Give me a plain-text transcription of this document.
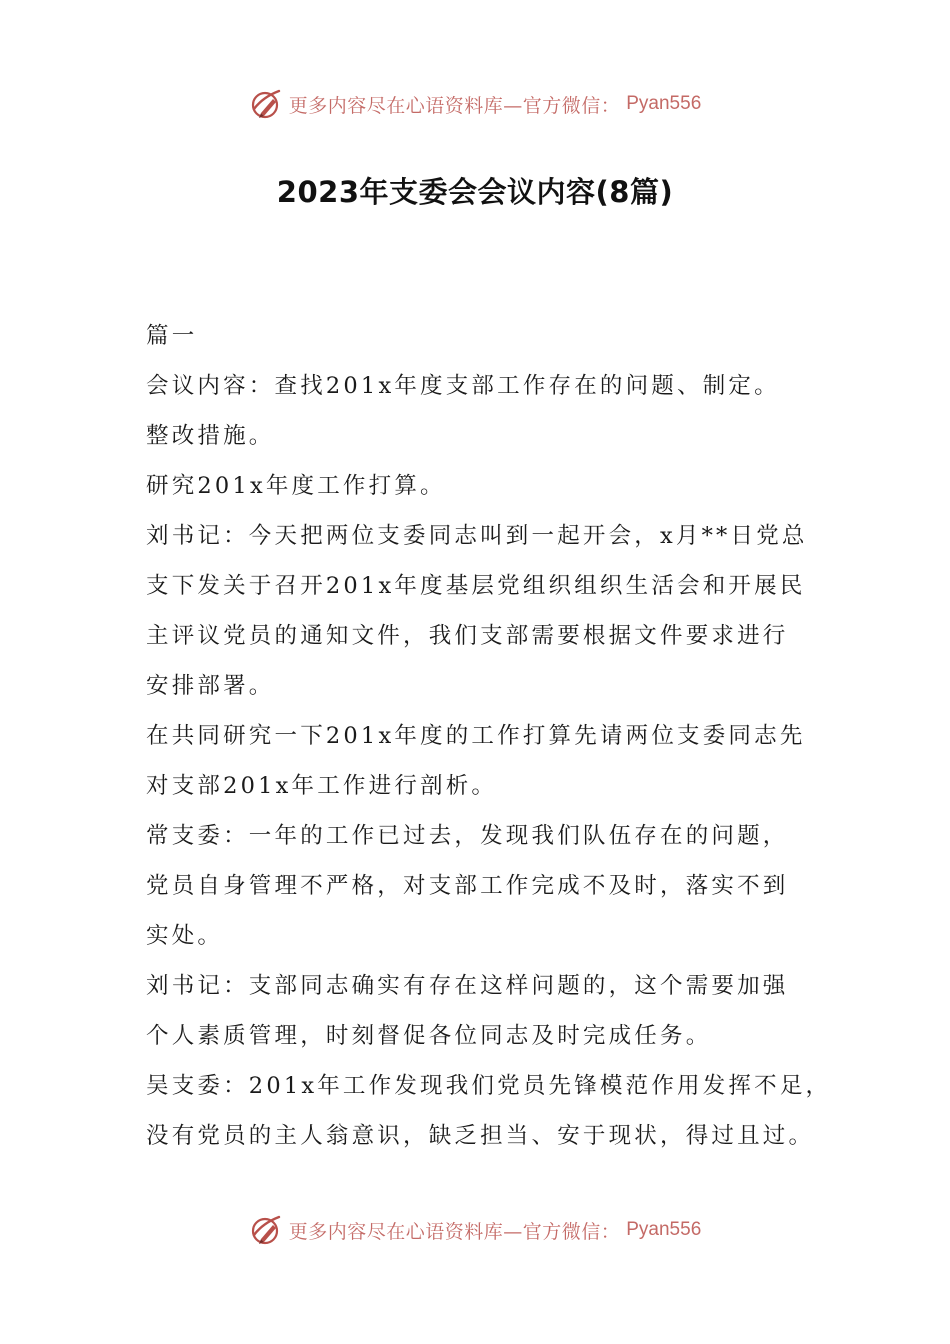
更多内容尽在心语资料库—官方微信： Pyan556
2023年支委会会议内容(8篇)
篇一
会议内容：查找201x年度支部工作存在的问题、制定。
整改措施。
研究201x年度工作打算。
刘书记：今天把两位支委同志叫到一起开会，x月**日党总
支下发关于召开201x年度基层党组织组织生活会和开展民
主评议党员的通知文件，我们支部需要根据文件要求进行
安排部署。
在共同研究一下201x年度的工作打算先请两位支委同志先
对支部201x年工作进行剖析。
常支委：一年的工作已过去，发现我们队伍存在的问题，
党员自身管理不严格，对支部工作完成不及时，落实不到
实处。
刘书记：支部同志确实有存在这样问题的，这个需要加强
个人素质管理，时刻督促各位同志及时完成任务。
吴支委：201x年工作发现我们党员先锋模范作用发挥不足，
没有党员的主人翁意识，缺乏担当、安于现状，得过且过。
更多内容尽在心语资料库—官方微信： Pyan556
